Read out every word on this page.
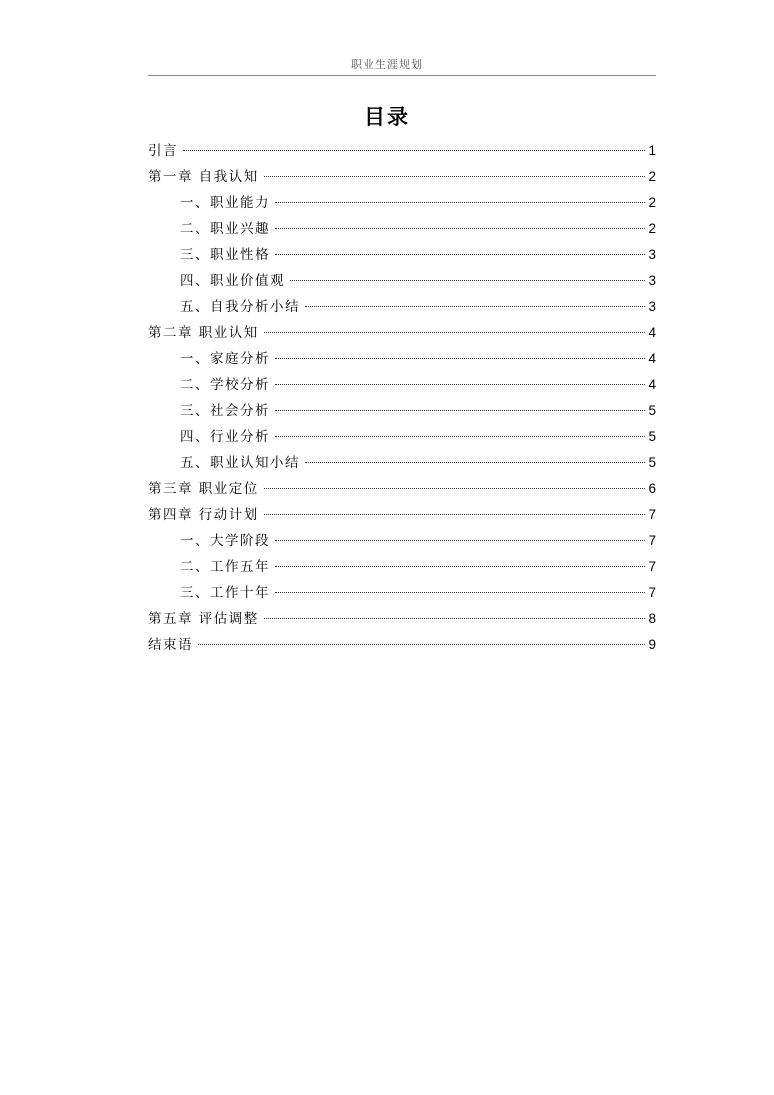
职业生涯规划
目录
引言	1
第一章 自我认知	2
一、职业能力	2
二、职业兴趣	2
三、职业性格	3
四、职业价值观	3
五、自我分析小结	3
第二章 职业认知	4
一、家庭分析	4
二、学校分析	4
三、社会分析	5
四、行业分析	5
五、职业认知小结	5
第三章 职业定位	6
第四章 行动计划	7
一、大学阶段	7
二、工作五年	7
三、工作十年	7
第五章 评估调整	8
结束语	9
